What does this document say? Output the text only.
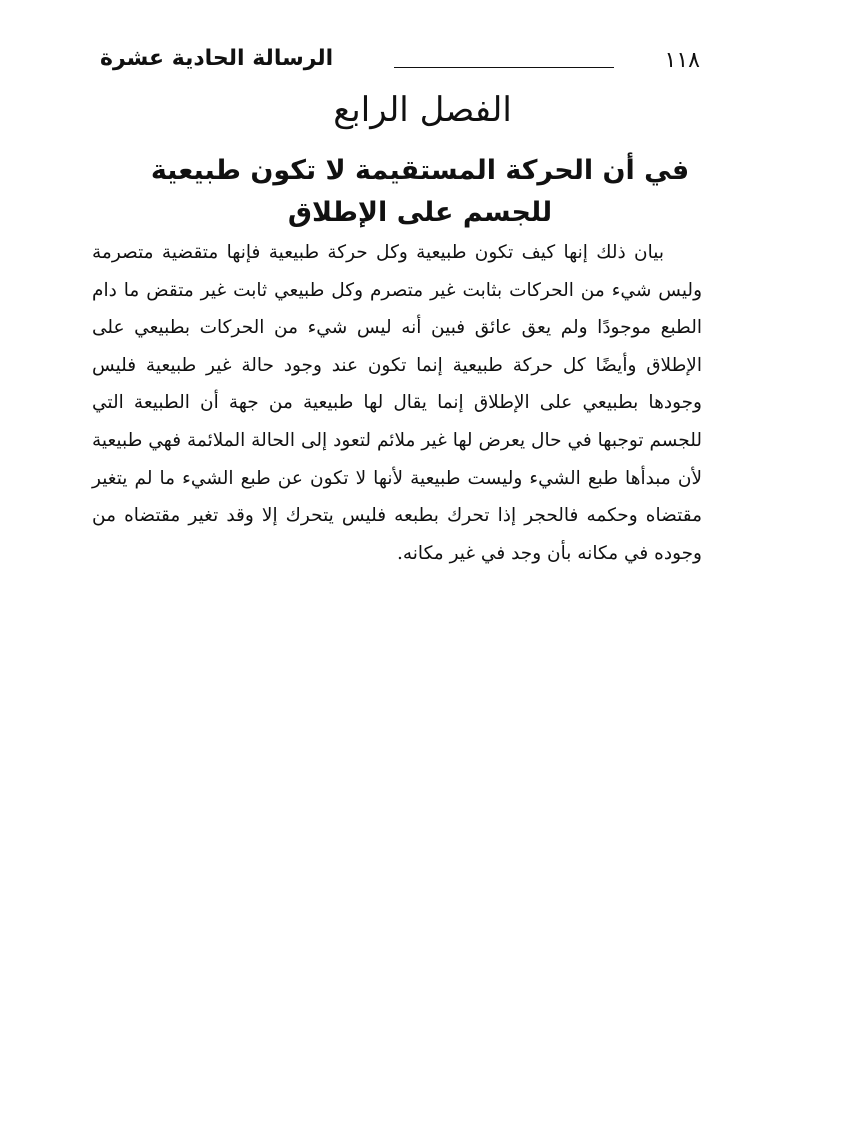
١١٨
الرسالة الحادية عشرة
الفصل الرابع
في أن الحركة المستقيمة لا تكون طبيعية
للجسم على الإطلاق

بيان ذلك إنها كيف تكون طبيعية وكل حركة طبيعية فإنها متقضية متصرمة وليس شيء من الحركات بثابت غير متصرم وكل طبيعي ثابت غير متقض ما دام الطبع موجودًا ولم يعق عائق فبين أنه ليس شيء من الحركات بطبيعي على الإطلاق وأيضًا كل حركة طبيعية إنما تكون عند وجود حالة غير طبيعية فليس وجودها بطبيعي على الإطلاق إنما يقال لها طبيعية من جهة أن الطبيعة التي للجسم توجبها في حال يعرض لها غير ملائم لتعود إلى الحالة الملائمة فهي طبيعية لأن مبدأها طبع الشيء وليست طبيعية لأنها لا تكون عن طبع الشيء ما لم يتغير مقتضاه وحكمه فالحجر إذا تحرك بطبعه فليس يتحرك إلا وقد تغير مقتضاه من وجوده في مكانه بأن وجد في غير مكانه.
